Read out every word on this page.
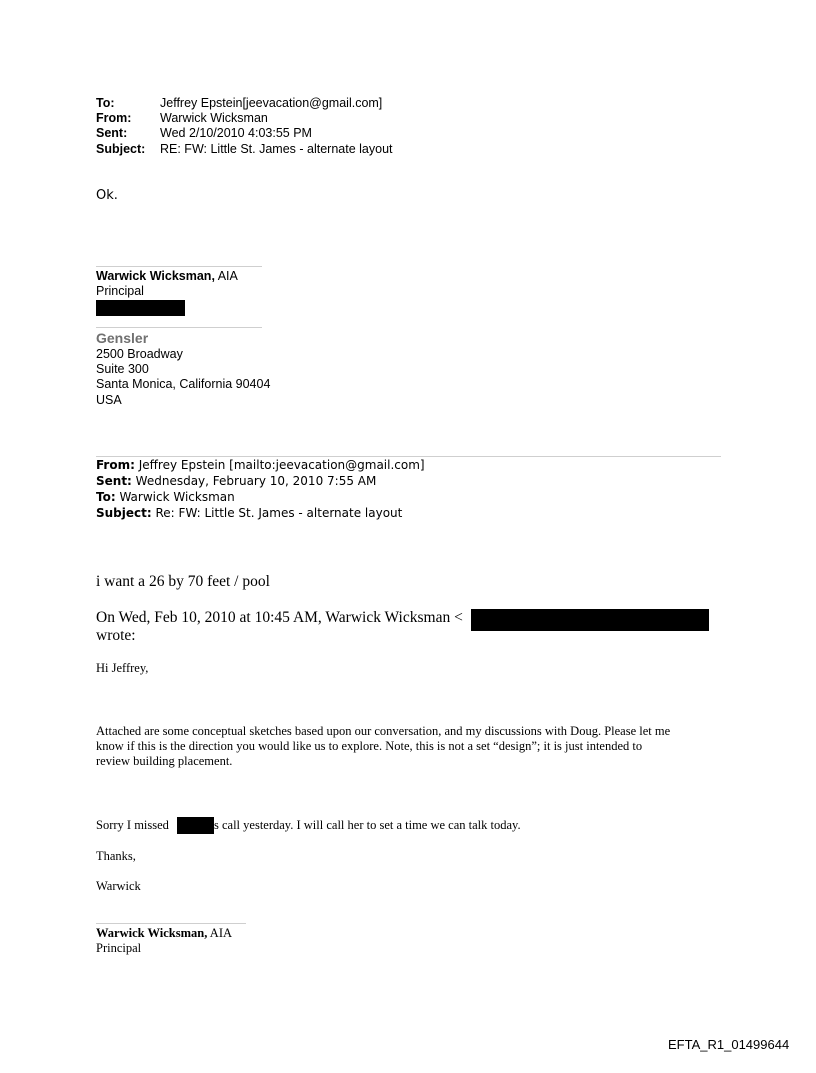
To:	Jeffrey Epstein[jeevacation@gmail.com]
From: Warwick Wicksman
Sent:	Wed 2/10/2010 4:03:55 PM
Subject: RE: FW: Little St. James - alternate layout
Ok.
Warwick Wicksman, AIA
Principal
Gensler
2500 Broadway
Suite 300
Santa Monica, California 90404
USA
From: Jeffrey Epstein [mailto:jeevacation@gmail.com]
Sent: Wednesday, February 10, 2010 7:55 AM
To: Warwick Wicksman
Subject: Re: FW: Little St. James - alternate layout
i want a 26 by 70 feet / pool
On Wed, Feb 10, 2010 at 10:45 AM, Warwick Wicksman <
wrote:
Hi Jeffrey,
Attached are some conceptual sketches based upon our conversation, and my discussions with Doug. Please let me
know if this is the direction you would like us to explore. Note, this is not a set “design”; it is just intended to
review building placement.
Sorry I missed	s call yesterday. I will call her to set a time we can talk today.
Thanks,
Warwick
Warwick Wicksman, AIA
Principal
EFTA_R1_01499644
